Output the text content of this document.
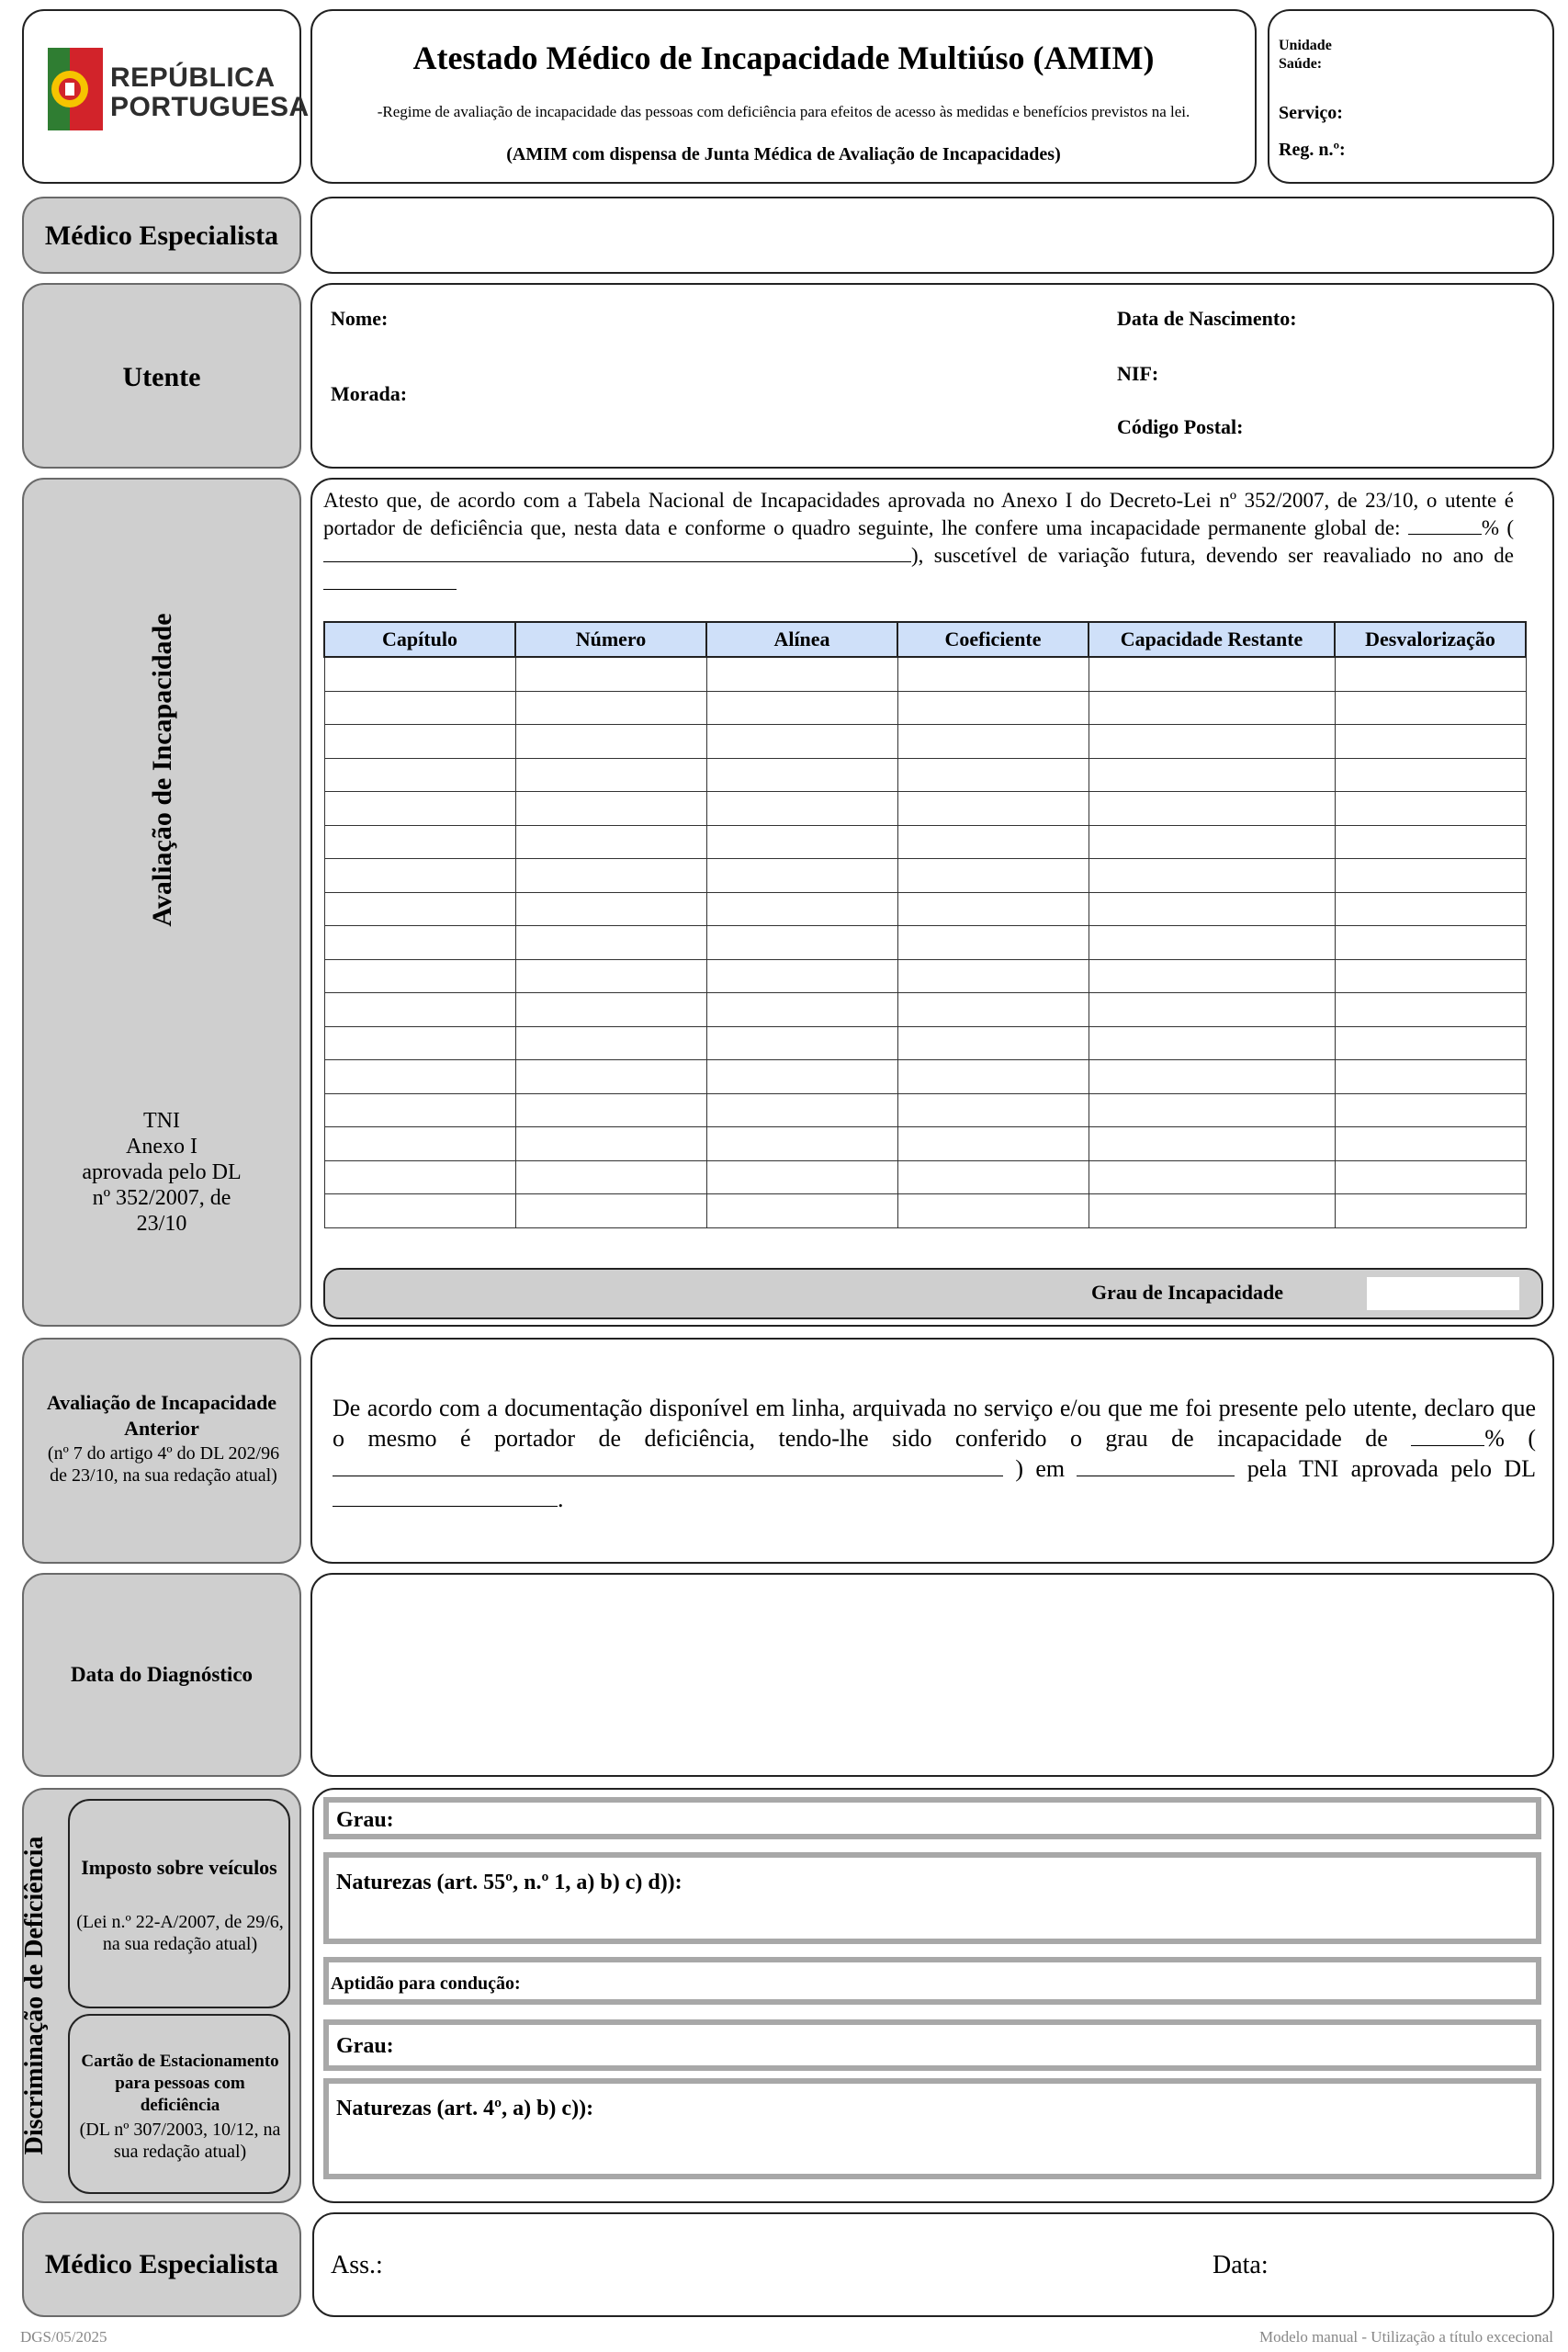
REPÚBLICA
PORTUGUESA
Atestado Médico de Incapacidade Multiúso (AMIM)
-Regime de avaliação de incapacidade das pessoas com deficiência para efeitos de acesso às medidas e benefícios previstos na lei.
(AMIM com dispensa de Junta Médica de Avaliação de Incapacidades)
Unidade Saúde:
Serviço:
Reg. n.º:
Médico Especialista
Utente
Nome:
Morada:
Data de Nascimento:
NIF:
Código Postal:
Avaliação de Incapacidade
TNI
Anexo I
aprovada pelo DL
nº 352/2007, de
23/10
Atesto que, de acordo com a Tabela Nacional de Incapacidades aprovada no Anexo I do Decreto-Lei nº 352/2007, de 23/10, o utente é portador de deficiência que, nesta data e conforme o quadro seguinte, lhe confere uma incapacidade permanente global de:	% (), suscetível de variação futura, devendo ser reavaliado no ano de
Capítulo	Número	Alínea	Coeficiente	Capacidade Restante	Desvalorização

Grau de Incapacidade
Avaliação de Incapacidade
Anterior
(nº 7 do artigo 4º do DL 202/96 de 23/10, na sua redação atual)
De acordo com a documentação disponível em linha, arquivada no serviço e/ou que me foi presente pelo utente, declaro que o mesmo é portador de deficiência, tendo-lhe sido conferido o grau de incapacidade de	% ( ) em	pela TNI aprovada pelo DL.
Data do Diagnóstico
Discriminação de Deficiência	Imposto sobre veículos
(Lei n.º 22-A/2007, de 29/6, na sua redação atual)
Cartão de Estacionamento para pessoas com deficiência
(DL nº 307/2003, 10/12, na sua redação atual)
Grau:
Naturezas (art. 55º, n.º 1, a) b) c) d)):
Aptidão para condução:
Grau:
Naturezas (art. 4º, a) b) c)):
Médico Especialista	Ass.:	Data:
DGS/05/2025	Modelo manual - Utilização a título excecional
